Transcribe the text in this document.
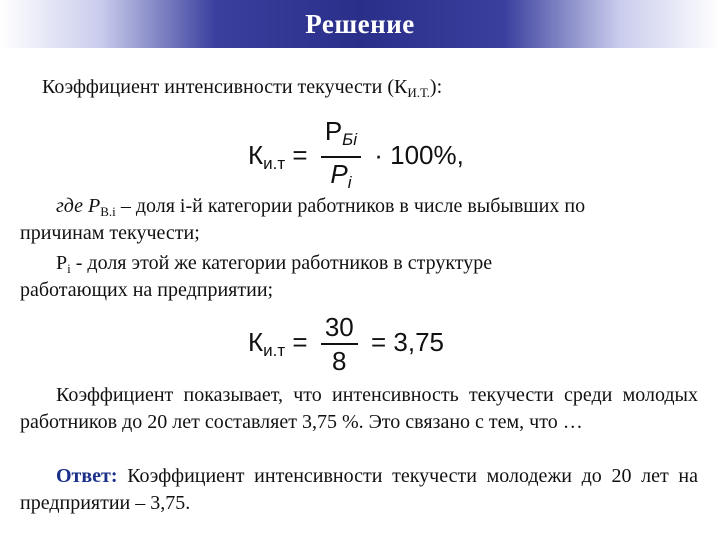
Решение
Коэффициент интенсивности текучести $(К_{И.Т.})$:
$Ки.т = \frac{\text{РБi}}{Pi} \cdot 100\%$,
где $Р_{В.i}$ – доля i-й категории работников в числе выбывших по
причинам текучести;
$Р_i$ - доля этой же категории работников в структуре
работающих на предприятии;
$Ки.т = \frac{30}{8} = 3,75$
Коэффициент показывает, что интенсивность текучести среди молодых работников до 20 лет составляет 3,75 %. Это связано с тем, что …
Ответ: Коэффициент интенсивности текучести молодежи до 20 лет на предприятии – 3,75.
